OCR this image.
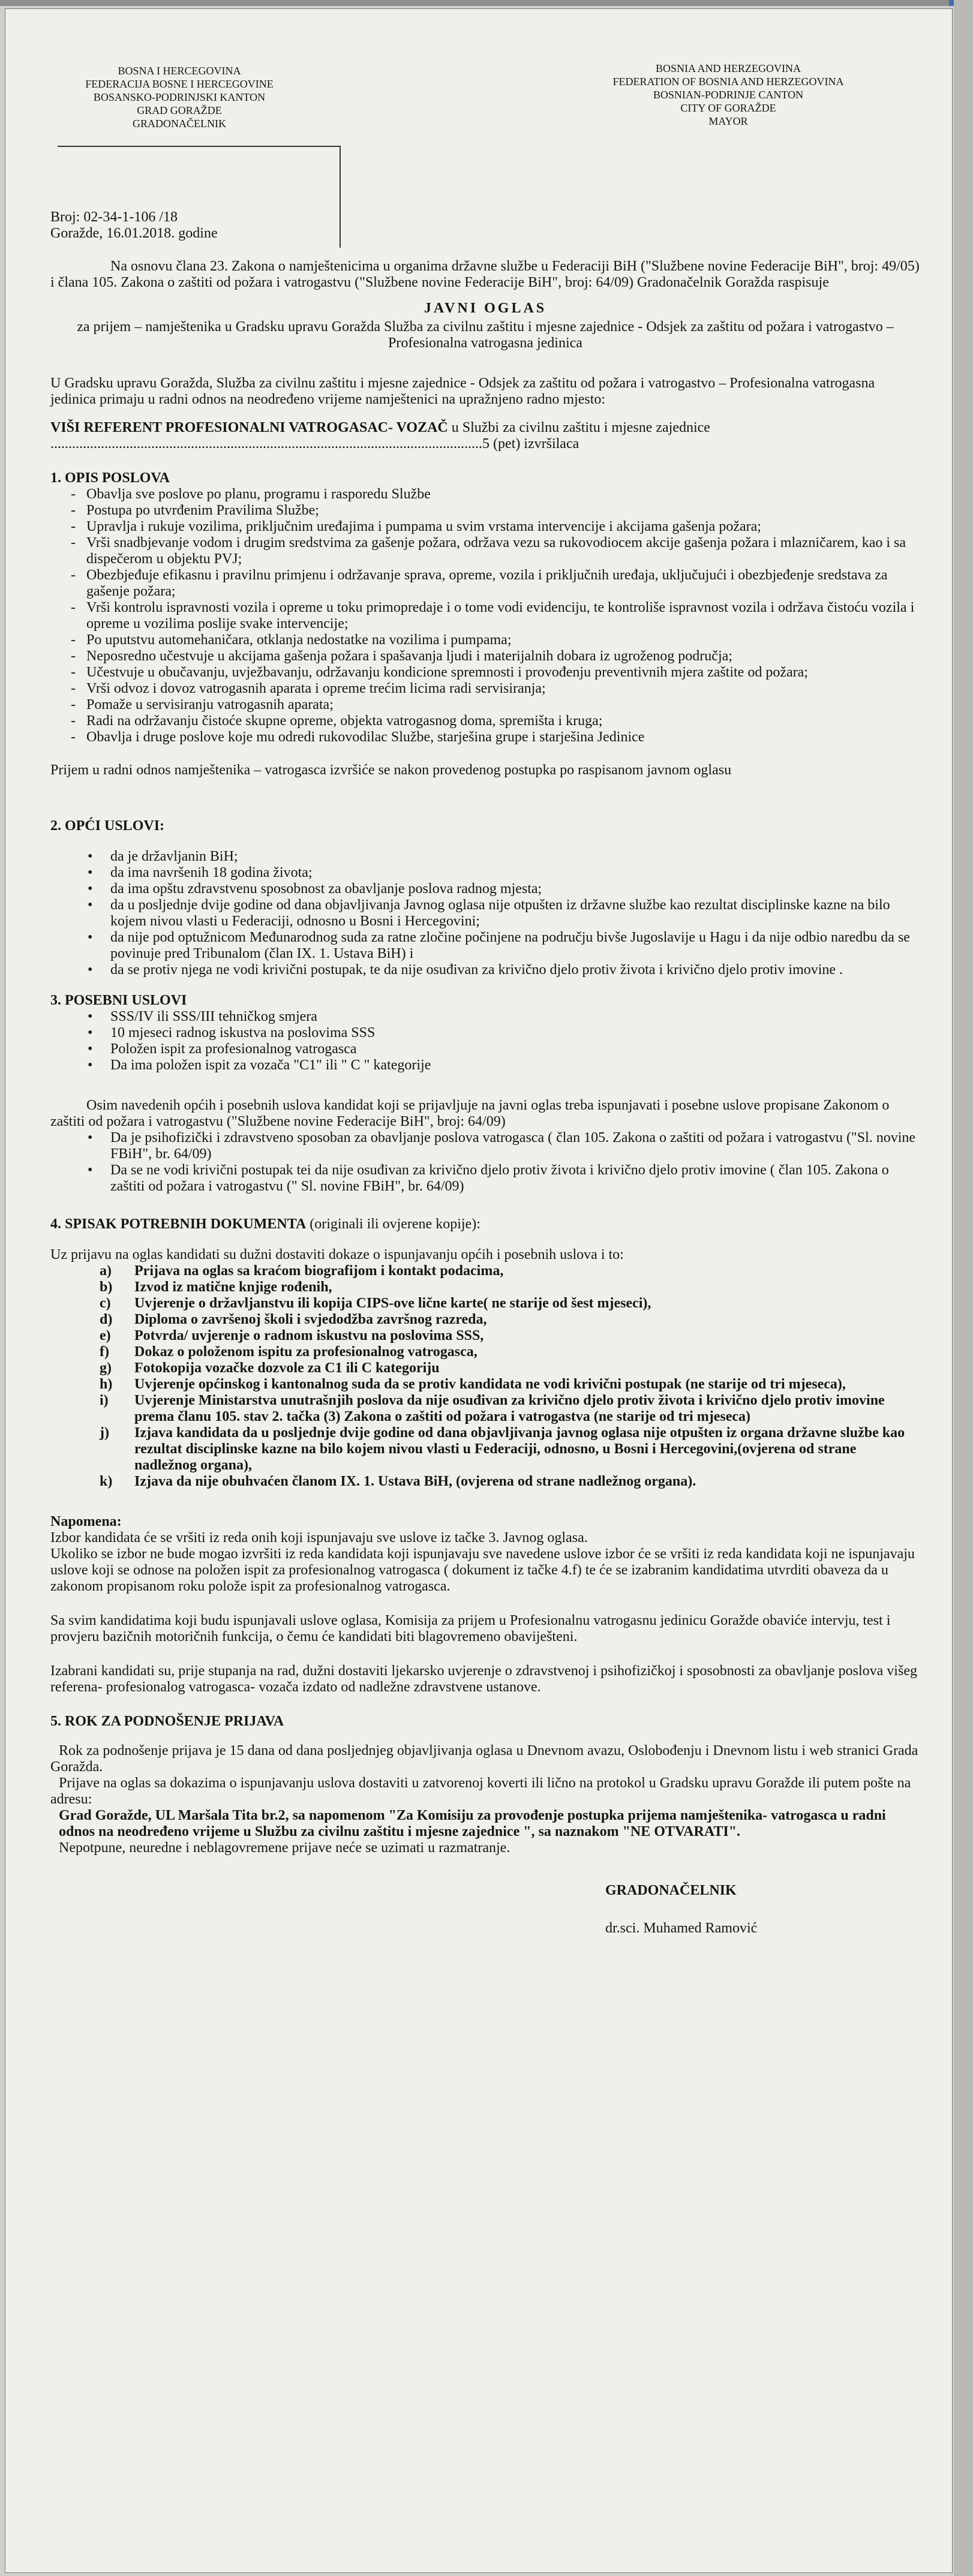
BOSNA I HERCEGOVINA
FEDERACIJA BOSNE I HERCEGOVINE
BOSANSKO-PODRINJSKI KANTON
GRAD GORAŽDE
GRADONAČELNIK
BOSNIA AND HERZEGOVINA
FEDERATION OF BOSNIA AND HERZEGOVINA
BOSNIAN-PODRINJE CANTON
CITY OF GORAŽDE
MAYOR

Broj: 02-34-1-106 /18

Goražde, 16.01.2018. godine

Na osnovu člana 23. Zakona o namještenicima u organima državne službe u Federaciji BiH ("Službene novine Federacije BiH", broj: 49/05) i člana 105. Zakona o zaštiti od požara i vatrogastvu ("Službene novine Federacije BiH", broj: 64/09) Gradonačelnik Goražda raspisuje

JAVNI OGLAS

za prijem – namještenika u Gradsku upravu Goražda Služba za civilnu zaštitu i mjesne zajednice - Odsjek za zaštitu od požara i vatrogastvo – Profesionalna vatrogasna jedinica

U Gradsku upravu Goražda, Služba za civilnu zaštitu i mjesne zajednice - Odsjek za zaštitu od požara i vatrogastvo – Profesionalna vatrogasna jedinica primaju u radni odnos na neodređeno vrijeme namještenici na upražnjeno radno mjesto:

VIŠI REFERENT PROFESIONALNI VATROGASAC- VOZAČ u Službi za civilnu zaštitu i mjesne zajednice ........................................................................................................................5 (pet) izvršilaca

1. OPIS POSLOVA
- Obavlja sve poslove po planu, programu i rasporedu Službe
- Postupa po utvrđenim Pravilima Službe;
- Upravlja i rukuje vozilima, priključnim uređajima i pumpama u svim vrstama intervencije i akcijama gašenja požara;
- Vrši snadbjevanje vodom i drugim sredstvima za gašenje požara, održava vezu sa rukovodiocem akcije gašenja požara i mlazničarem, kao i sa dispečerom u objektu PVJ;
- Obezbjeđuje efikasnu i pravilnu primjenu i održavanje sprava, opreme, vozila i priključnih uređaja, uključujući i obezbjeđenje sredstava za gašenje požara;
- Vrši kontrolu ispravnosti vozila i opreme u toku primopredaje i o tome vodi evidenciju, te kontroliše ispravnost vozila i održava čistoću vozila i opreme u vozilima poslije svake intervencije;
- Po uputstvu automehaničara, otklanja nedostatke na vozilima i pumpama;
- Neposredno učestvuje u akcijama gašenja požara i spašavanja ljudi i materijalnih dobara iz ugroženog područja;
- Učestvuje u obučavanju, uvježbavanju, održavanju kondicione spremnosti i provođenju preventivnih mjera zaštite od požara;
- Vrši odvoz i dovoz vatrogasnih aparata i opreme trećim licima radi servisiranja;
- Pomaže u servisiranju vatrogasnih aparata;
- Radi na održavanju čistoće skupne opreme, objekta vatrogasnog doma, spremišta i kruga;
- Obavlja i druge poslove koje mu odredi rukovodilac Službe, starješina grupe i starješina Jedinice

Prijem u radni odnos namještenika – vatrogasca izvršiće se nakon provedenog postupka po raspisanom javnom oglasu

2. OPĆI USLOVI:
• da je državljanin BiH;
• da ima navršenih 18 godina života;
• da ima opštu zdravstvenu sposobnost za obavljanje poslova radnog mjesta;
• da u posljednje dvije godine od dana objavljivanja Javnog oglasa nije otpušten iz državne službe kao rezultat disciplinske kazne na bilo kojem nivou vlasti u Federaciji, odnosno u Bosni i Hercegovini;
• da nije pod optužnicom Međunarodnog suda za ratne zločine počinjene na području bivše Jugoslavije u Hagu i da nije odbio naredbu da se povinuje pred Tribunalom (član IX. 1. Ustava BiH) i
• da se protiv njega ne vodi krivični postupak, te da nije osuđivan za krivično djelo protiv života i krivično djelo protiv imovine .
3. POSEBNI USLOVI
• SSS/IV ili SSS/III tehničkog smjera
• 10 mjeseci radnog iskustva na poslovima SSS
• Položen ispit za profesionalnog vatrogasca
• Da ima položen ispit za vozača "C1" ili " C " kategorije

Osim navedenih općih i posebnih uslova kandidat koji se prijavljuje na javni oglas treba ispunjavati i posebne uslove propisane Zakonom o zaštiti od požara i vatrogastvu ("Službene novine Federacije BiH", broj: 64/09)

• Da je psihofizički i zdravstveno sposoban za obavljanje poslova vatrogasca ( član 105. Zakona o zaštiti od požara i vatrogastvu ("Sl. novine FBiH", br. 64/09)
• Da se ne vodi krivični postupak tei da nije osuđivan za krivično djelo protiv života i krivično djelo protiv imovine ( član 105. Zakona o zaštiti od požara i vatrogastvu (" Sl. novine FBiH", br. 64/09)

4. SPISAK POTREBNIH DOKUMENTA (originali ili ovjerene kopije):

Uz prijavu na oglas kandidati su dužni dostaviti dokaze o ispunjavanju općih i posebnih uslova i to:

a) Prijava na oglas sa kraćom biografijom i kontakt podacima,
b) Izvod iz matične knjige rođenih,
c) Uvjerenje o državljanstvu ili kopija CIPS-ove lične karte( ne starije od šest mjeseci),
d) Diploma o završenoj školi i svjedodžba završnog razreda,
e) Potvrda/ uvjerenje o radnom iskustvu na poslovima SSS,
f) Dokaz o položenom ispitu za profesionalnog vatrogasca,
g) Fotokopija vozačke dozvole za C1 ili C kategoriju
h) Uvjerenje općinskog i kantonalnog suda da se protiv kandidata ne vodi krivični postupak (ne starije od tri mjeseca),
i) Uvjerenje Ministarstva unutrašnjih poslova da nije osuđivan za krivično djelo protiv života i krivično djelo protiv imovine prema članu 105. stav 2. tačka (3) Zakona o zaštiti od požara i vatrogastva (ne starije od tri mjeseca)
j) Izjava kandidata da u posljednje dvije godine od dana objavljivanja javnog oglasa nije otpušten iz organa državne službe kao rezultat disciplinske kazne na bilo kojem nivou vlasti u Federaciji, odnosno, u Bosni i Hercegovini,(ovjerena od strane nadležnog organa),
k) Izjava da nije obuhvaćen članom IX. 1. Ustava BiH, (ovjerena od strane nadležnog organa).

Napomena:

Izbor kandidata će se vršiti iz reda onih koji ispunjavaju sve uslove iz tačke 3. Javnog oglasa.

Ukoliko se izbor ne bude mogao izvršiti iz reda kandidata koji ispunjavaju sve navedene uslove izbor će se vršiti iz reda kandidata koji ne ispunjavaju uslove koji se odnose na položen ispit za profesionalnog vatrogasca ( dokument iz tačke 4.f) te će se izabranim kandidatima utvrditi obaveza da u zakonom propisanom roku polože ispit za profesionalnog vatrogasca.

Sa svim kandidatima koji budu ispunjavali uslove oglasa, Komisija za prijem u Profesionalnu vatrogasnu jedinicu Goražde obaviće intervju, test i provjeru bazičnih motoričnih funkcija, o čemu će kandidati biti blagovremeno obaviješteni.

Izabrani kandidati su, prije stupanja na rad, dužni dostaviti ljekarsko uvjerenje o zdravstvenoj i psihofizičkoj i sposobnosti za obavljanje poslova višeg referena- profesionalog vatrogasca- vozača izdato od nadležne zdravstvene ustanove.

5. ROK ZA PODNOŠENJE PRIJAVA

Rok za podnošenje prijava je 15 dana od dana posljednjeg objavljivanja oglasa u Dnevnom avazu, Oslobođenju i Dnevnom listu i web stranici Grada Goražda.

Prijave na oglas sa dokazima o ispunjavanju uslova dostaviti u zatvorenoj koverti ili lično na protokol u Gradsku upravu Goražde ili putem pošte na adresu:

Grad Goražde, UL Maršala Tita br.2, sa napomenom "Za Komisiju za provođenje postupka prijema namještenika- vatrogasca u radni odnos na neodređeno vrijeme u Službu za civilnu zaštitu i mjesne zajednice ", sa naznakom "NE OTVARATI".

Nepotpune, neuredne i neblagovremene prijave neće se uzimati u razmatranje.

GRADONAČELNIK

dr.sci. Muhamed Ramović
